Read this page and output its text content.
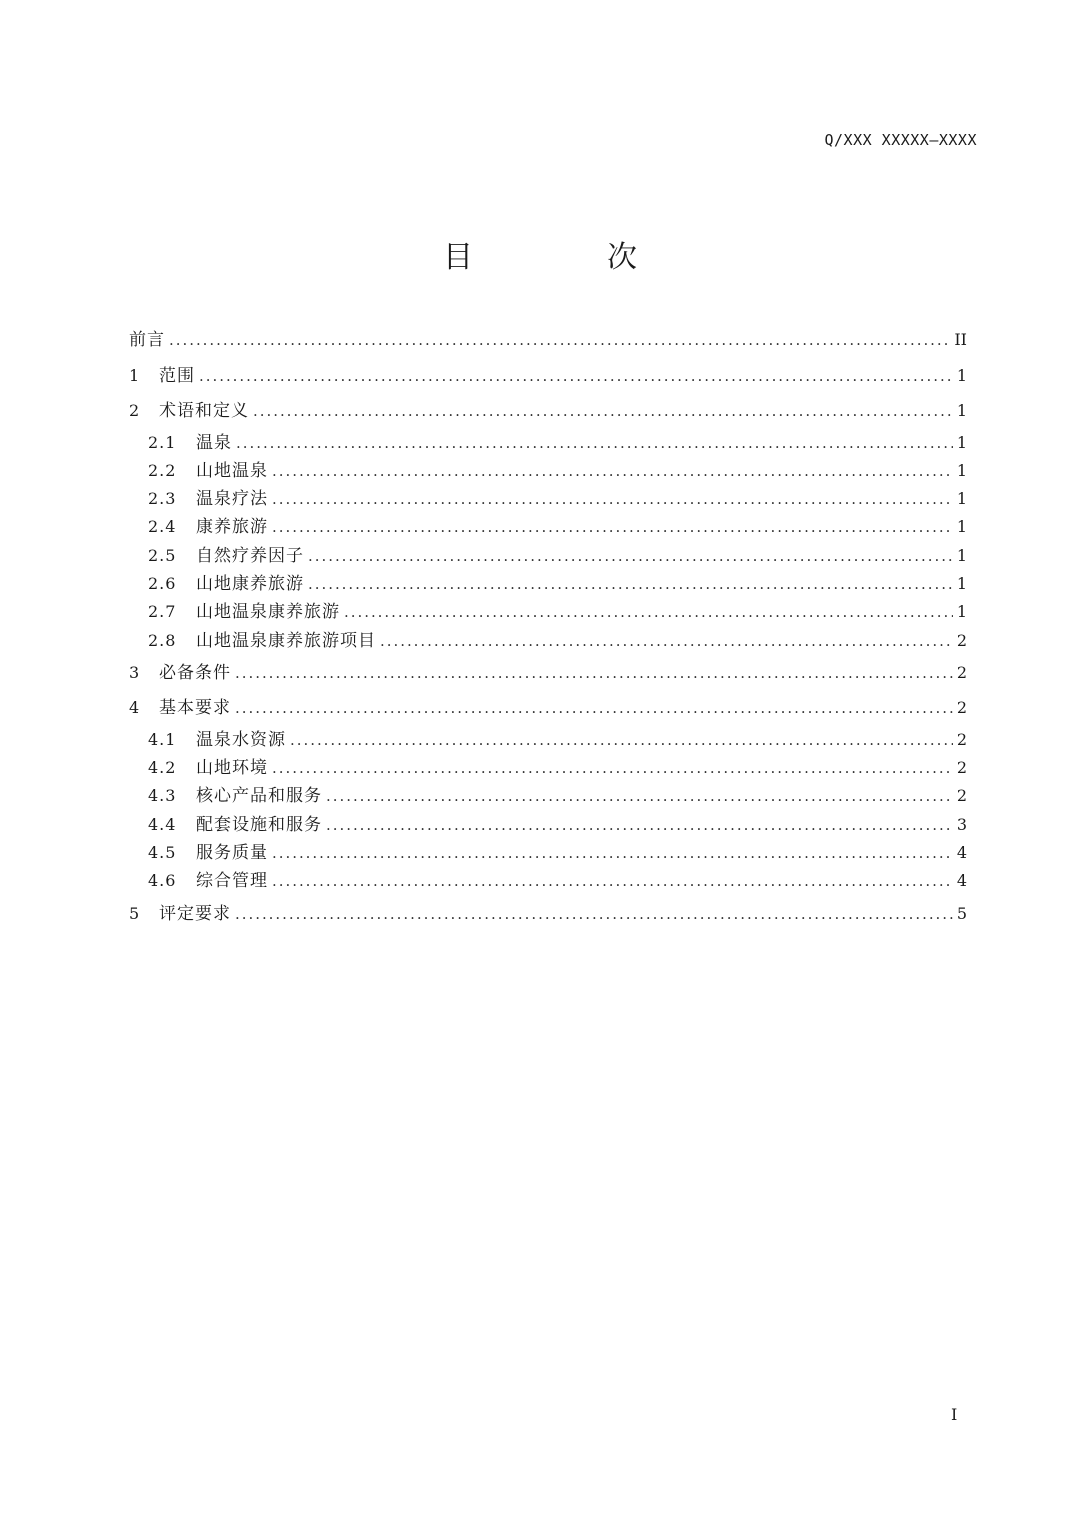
Q/XXX XXXXX—XXXX
目　次
前言 . . .	II
1	范围 . . .	1
2	术语和定义 . . .	1
2.1	温泉 . . .	1
2.2	山地温泉 . . .	1
2.3	温泉疗法 . . .	1
2.4	康养旅游 . . .	1
2.5	自然疗养因子 . . .	1
2.6	山地康养旅游 . . .	1
2.7	山地温泉康养旅游 . . .	1
2.8	山地温泉康养旅游项目 . . .	2
3	必备条件 . . .	2
4	基本要求 . . .	2
4.1	温泉水资源 . . .	2
4.2	山地环境 . . .	2
4.3	核心产品和服务 . . .	2
4.4	配套设施和服务 . . .	3
4.5	服务质量 . . .	4
4.6	综合管理 . . .	4
5	评定要求 . . .	5
I
